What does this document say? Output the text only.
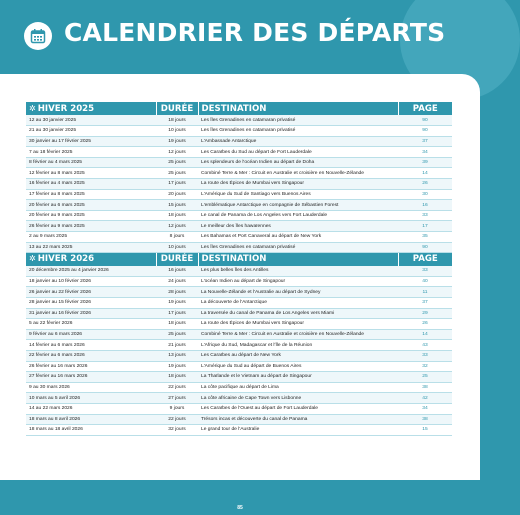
CALENDRIER DES DÉPARTS
✲ HIVER 2025	DURÉE	DESTINATION	PAGE
12 au 30 janvier 2025	18 jours	Les Îles Grenadines en catamaran privatisé	90
21 au 30 janvier 2025	10 jours	Les Îles Grenadines en catamaran privatisé	90
30 janvier au 17 février 2025	19 jours	L'Ambassade Antarctique	37
7 au 18 février 2025	12 jours	Les Caraïbes du Sud au départ de Fort Lauderdale	34
8 février au 4 mars 2025	25 jours	Les splendeurs de l'océan Indien au départ de Doha	39
12 février au 8 mars 2025	25 jours	Combiné Terre & Mer : Circuit en Australie et croisière en Nouvelle-Zélande	14
16 février au 4 mars 2025	17 jours	La route des Épices de Mumbai vers Singapour	26
17 février au 8 mars 2025	20 jours	L'Amérique du Sud de Santiago vers Buenos Aires	30
20 février au 6 mars 2025	15 jours	L'emblématique Antarctique en compagnie de Sébastien Forest	16
20 février au 9 mars 2025	18 jours	Le canal de Panama de Los Angeles vers Fort Lauderdale	33
26 février au 9 mars 2025	12 jours	Le meilleur des Îles hawaïennes	17
2 au 9 mars 2025	8 jours	Les Bahamas et Port Canaveral au départ de New York	35
13 au 22 mars 2025	10 jours	Les Îles Grenadines en catamaran privatisé	90
✲ HIVER 2026	DURÉE	DESTINATION	PAGE
20 décembre 2025 au 4 janvier 2026	16 jours	Les plus belles Îles des Antilles	33
18 janvier au 10 février 2026	24 jours	L'océan Indien au départ de Singapour	40
26 janvier au 22 février 2026	28 jours	La Nouvelle-Zélande et l'Australie au départ de Sydney	11
28 janvier au 15 février 2026	19 jours	La découverte de l'Antarctique	37
31 janvier au 16 février 2026	17 jours	La traversée du canal de Panama de Los Angeles vers Miami	29
5 au 22 février 2026	18 jours	La route des Épices de Mumbai vers Singapour	26
9 février au 6 mars 2026	25 jours	Combiné Terre & Mer : Circuit en Australie et croisière en Nouvelle-Zélande	14
14 février au 6 mars 2026	21 jours	L'Afrique du Sud, Madagascar et l'Île de la Réunion	43
22 février au 6 mars 2026	13 jours	Les Caraïbes au départ de New York	33
26 février au 16 mars 2026	19 jours	L'Amérique du Sud au départ de Buenos Aires	32
27 février au 16 mars 2026	18 jours	La Thaïlande et le Vietnam au départ de Singapour	25
9 au 30 mars 2026	22 jours	La côte pacifique au départ de Lima	38
10 mars au 5 avril 2026	27 jours	La côte africaine de Cape Town vers Lisbonne	42
14 au 22 mars 2026	9 jours	Les Caraïbes de l'Ouest au départ de Fort Lauderdale	34
18 mars au 8 avril 2026	22 jours	Trésors incas et découverte du canal de Panama	38
18 mars au 18 avril 2026	32 jours	Le grand tour de l'Australie	15
85
